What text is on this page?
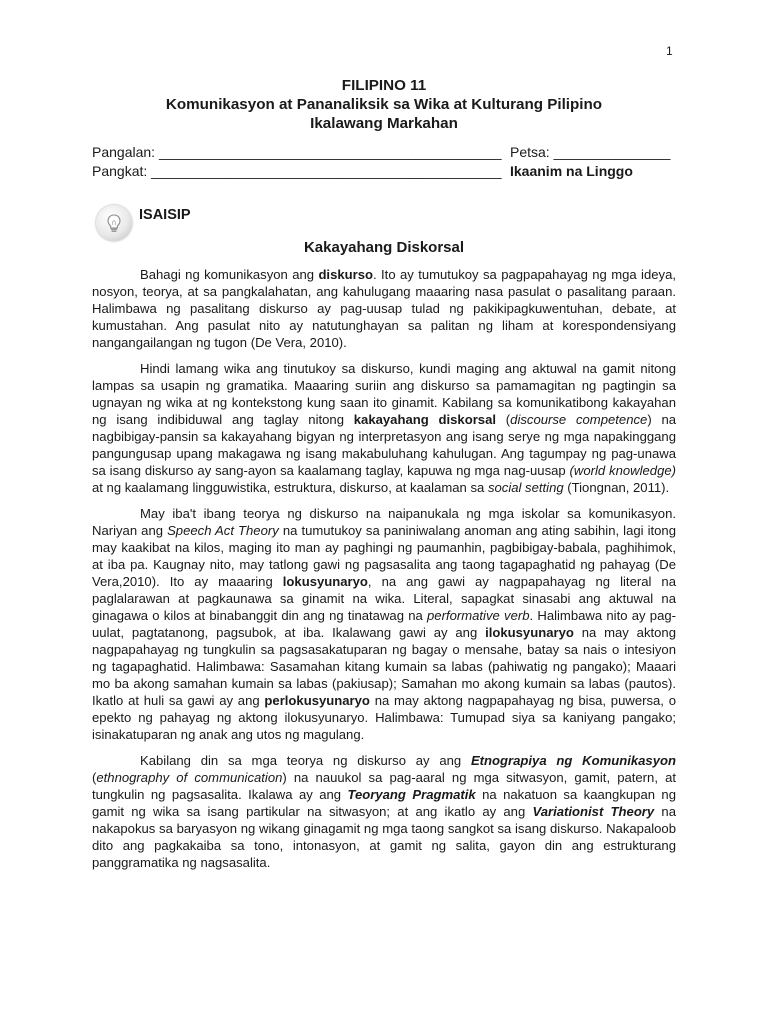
1
FILIPINO 11
Komunikasyon at Pananaliksik sa Wika at Kulturang Pilipino
Ikalawang Markahan
Pangalan: ____________________________________________ Petsa: _______________
Pangkat: _____________________________________________ Ikaanim na Linggo
ISAISIP
Kakayahang Diskorsal

Bahagi ng komunikasyon ang diskurso. Ito ay tumutukoy sa pagpapahayag ng mga ideya, nosyon, teorya, at sa pangkalahatan, ang kahulugang maaaring nasa pasulat o pasalitang paraan. Halimbawa ng pasalitang diskurso ay pag-uusap tulad ng pakikipagkuwentuhan, debate, at kumustahan. Ang pasulat nito ay natutunghayan sa palitan ng liham at korespondensiyang nangangailangan ng tugon (De Vera, 2010).

Hindi lamang wika ang tinutukoy sa diskurso, kundi maging ang aktuwal na gamit nitong lampas sa usapin ng gramatika. Maaaring suriin ang diskurso sa pamamagitan ng pagtingin sa ugnayan ng wika at ng kontekstong kung saan ito ginamit. Kabilang sa komunikatibong kakayahan ng isang indibiduwal ang taglay nitong kakayahang diskorsal (discourse competence) na nagbibigay-pansin sa kakayahang bigyan ng interpretasyon ang isang serye ng mga napakinggang pangungusap upang makagawa ng isang makabuluhang kahulugan. Ang tagumpay ng pag-unawa sa isang diskurso ay sang-ayon sa kaalamang taglay, kapuwa ng mga nag-uusap (world knowledge) at ng kaalamang lingguwistika, estruktura, diskurso, at kaalaman sa social setting (Tiongnan, 2011).

May iba't ibang teorya ng diskurso na naipanukala ng mga iskolar sa komunikasyon. Nariyan ang Speech Act Theory na tumutukoy sa paniniwalang anoman ang ating sabihin, lagi itong may kaakibat na kilos, maging ito man ay paghingi ng paumanhin, pagbibigay-babala, paghihimok, at iba pa. Kaugnay nito, may tatlong gawi ng pagsasalita ang taong tagapaghatid ng pahayag (De Vera,2010). Ito ay maaaring lokusyunaryo, na ang gawi ay nagpapahayag ng literal na paglalarawan at pagkaunawa sa ginamit na wika. Literal, sapagkat sinasabi ang aktuwal na ginagawa o kilos at binabanggit din ang ng tinatawag na performative verb. Halimbawa nito ay pag-uulat, pagtatanong, pagsubok, at iba. Ikalawang gawi ay ang ilokusyunaryo na may aktong nagpapahayag ng tungkulin sa pagsasakatuparan ng bagay o mensahe, batay sa nais o intesiyon ng tagapaghatid. Halimbawa: Sasamahan kitang kumain sa labas (pahiwatig ng pangako); Maaari mo ba akong samahan kumain sa labas (pakiusap); Samahan mo akong kumain sa labas (pautos). Ikatlo at huli sa gawi ay ang perlokusyunaryo na may aktong nagpapahayag ng bisa, puwersa, o epekto ng pahayag ng aktong ilokusyunaryo. Halimbawa: Tumupad siya sa kaniyang pangako; isinakatuparan ng anak ang utos ng magulang.

Kabilang din sa mga teorya ng diskurso ay ang Etnograpiya ng Komunikasyon (ethnography of communication) na nauukol sa pag-aaral ng mga sitwasyon, gamit, patern, at tungkulin ng pagsasalita. Ikalawa ay ang Teoryang Pragmatik na nakatuon sa kaangkupan ng gamit ng wika sa isang partikular na sitwasyon; at ang ikatlo ay ang Variationist Theory na nakapokus sa baryasyon ng wikang ginagamit ng mga taong sangkot sa isang diskurso. Nakapaloob dito ang pagkakaiba sa tono, intonasyon, at gamit ng salita, gayon din ang estrukturang panggramatika ng nagsasalita.
